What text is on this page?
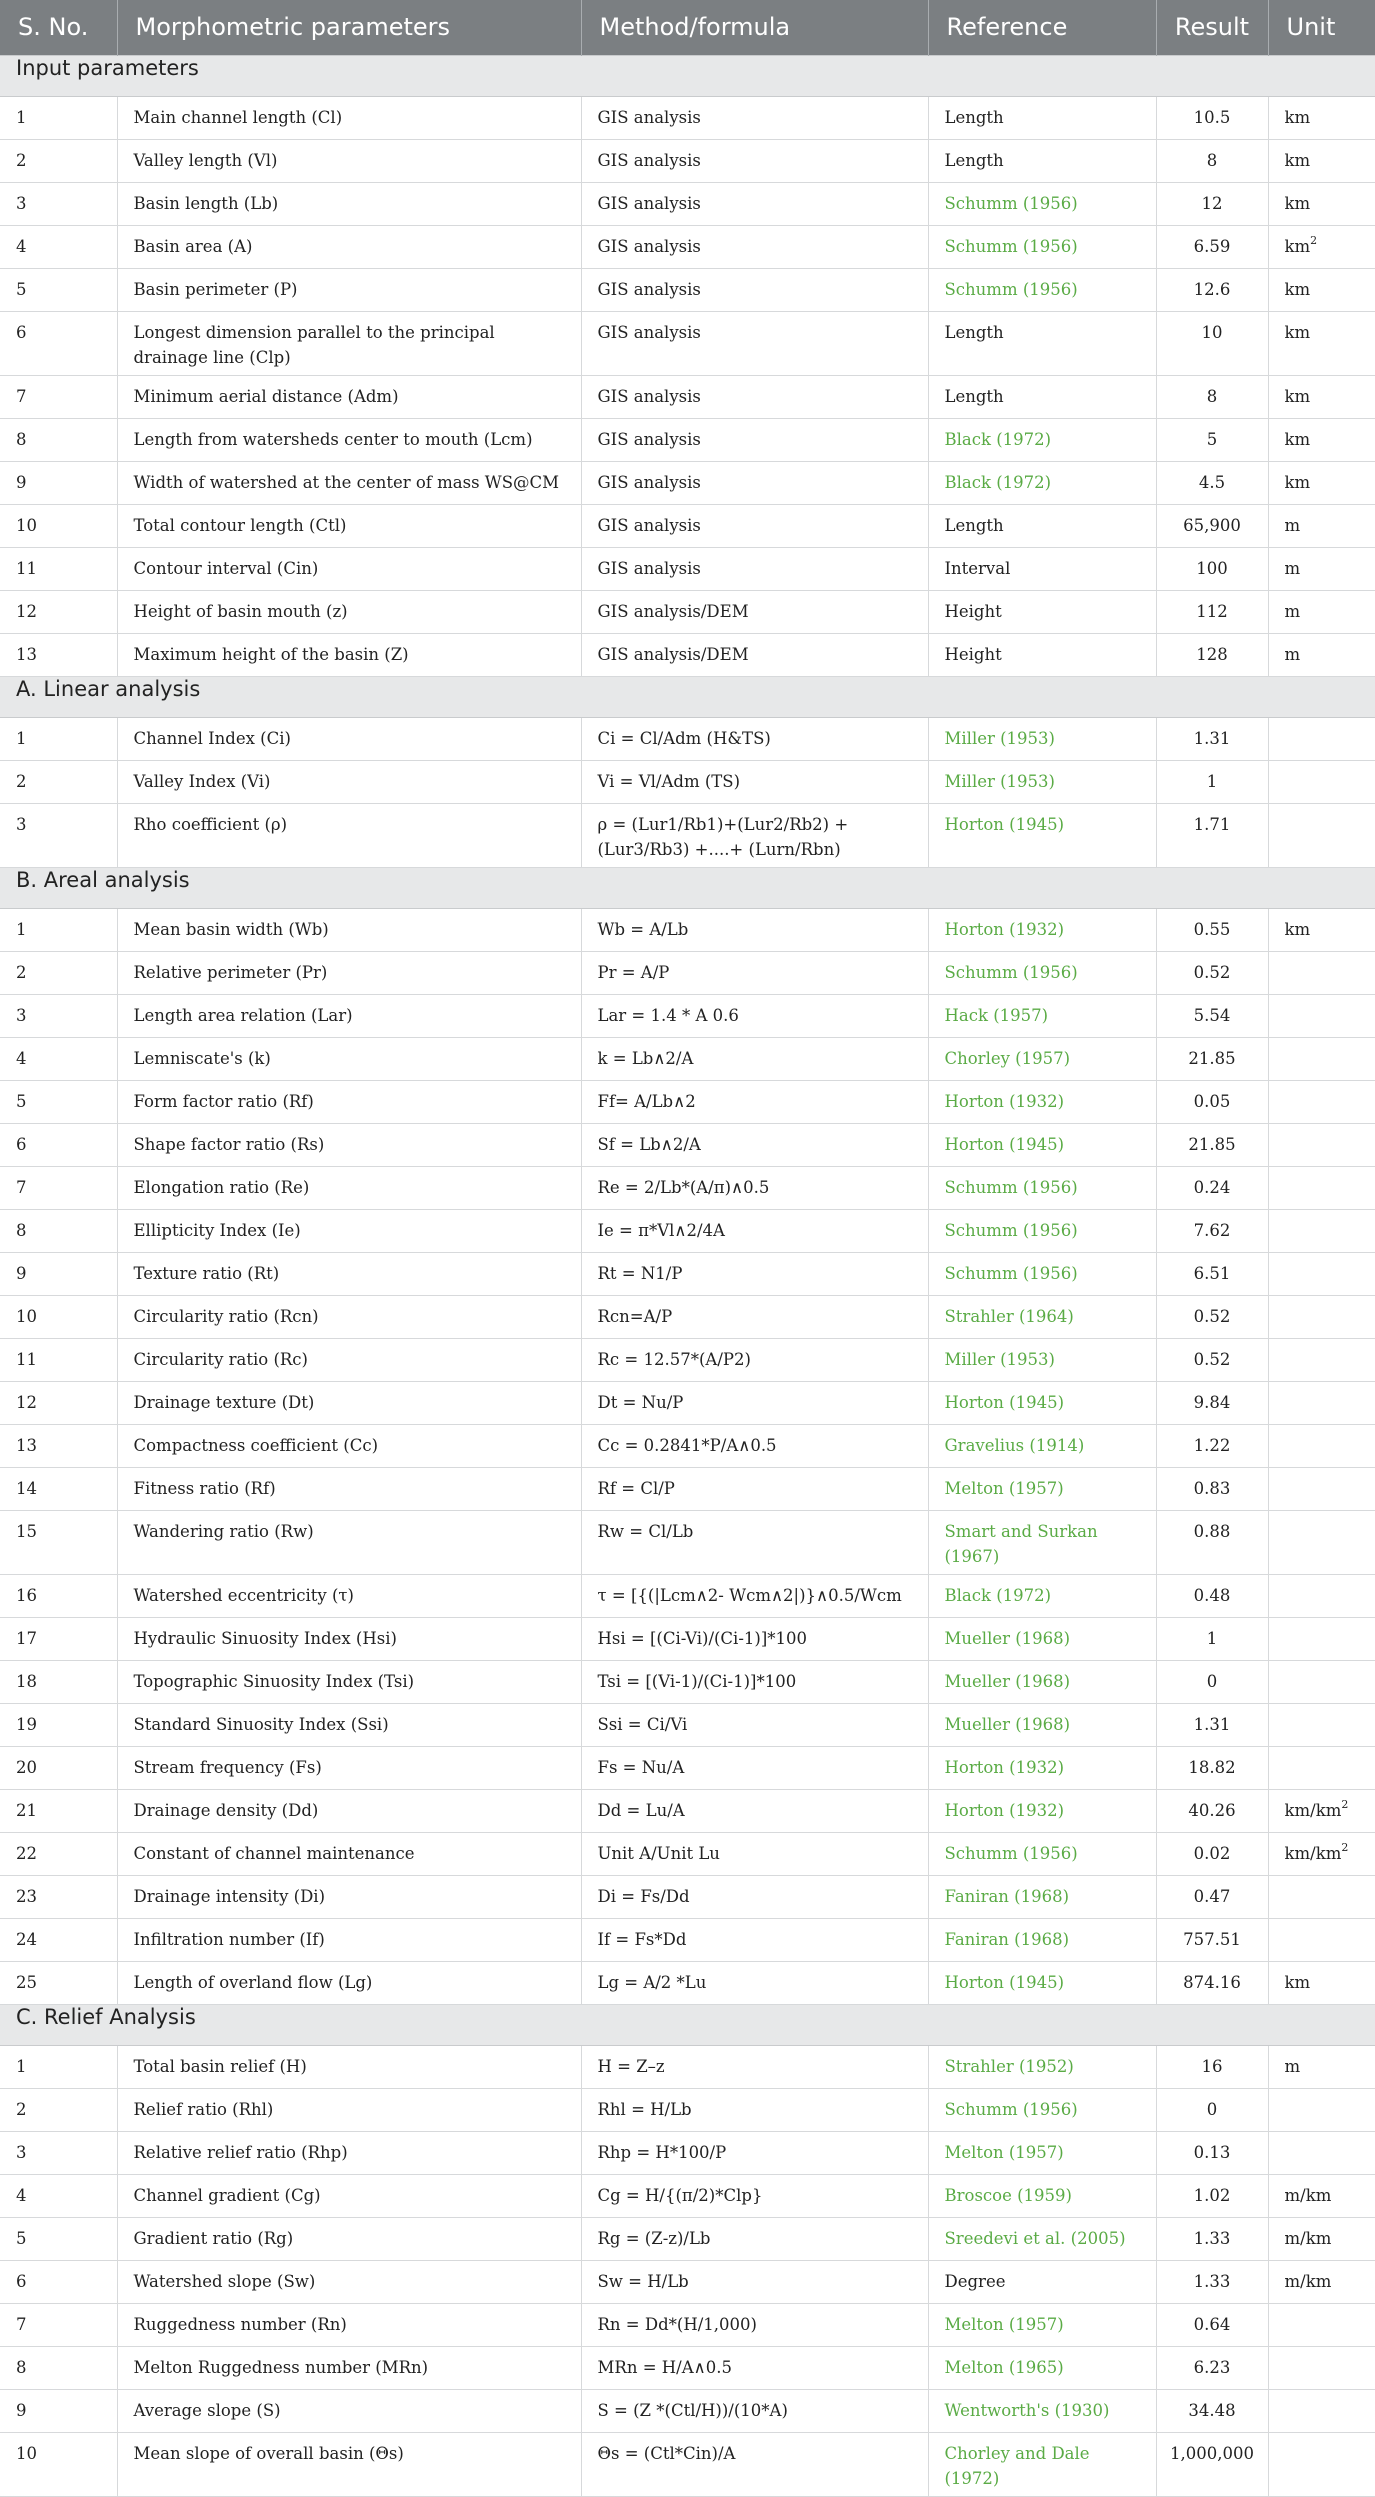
S. No.	Morphometric parameters	Method/formula	Reference	Result	Unit
Input parameters					
1	Main channel length (Cl)	GIS analysis	Length	10.5	km
2	Valley length (Vl)	GIS analysis	Length	8	km
3	Basin length (Lb)	GIS analysis	Schumm (1956)	12	km
4	Basin area (A)	GIS analysis	Schumm (1956)	6.59	$km^2$
5	Basin perimeter (P)	GIS analysis	Schumm (1956)	12.6	km
6	Longest dimension parallel to the principal drainage line (Clp)	GIS analysis	Length	10	km
7	Minimum aerial distance (Adm)	GIS analysis	Length	8	km
8	Length from watersheds center to mouth (Lcm)	GIS analysis	Black (1972)	5	km
9	Width of watershed at the center of mass WS@CM	GIS analysis	Black (1972)	4.5	km
10	Total contour length (Ctl)	GIS analysis	Length	65,900	m
11	Contour interval (Cin)	GIS analysis	Interval	100	m
12	Height of basin mouth (z)	GIS analysis/DEM	Height	112	m
13	Maximum height of the basin (Z)	GIS analysis/DEM	Height	128	m
A. Linear analysis					
1	Channel Index (Ci)	Ci = Cl/Adm (H&TS)	Miller (1953)	1.31	
2	Valley Index (Vi)	Vi = Vl/Adm (TS)	Miller (1953)	1	
3	Rho coefficient (ρ)	ρ = (Lur1/Rb1)+(Lur2/Rb2) + (Lur3/Rb3) +....+ (Lurn/Rbn)	Horton (1945)	1.71	
B. Areal analysis					
1	Mean basin width (Wb)	Wb = A/Lb	Horton (1932)	0.55	km
2	Relative perimeter (Pr)	Pr = A/P	Schumm (1956)	0.52	
3	Length area relation (Lar)	Lar = 1.4 * A 0.6	Hack (1957)	5.54	
4	Lemniscate's (k)	k = Lb∧2/A	Chorley (1957)	21.85	
5	Form factor ratio (Rf)	Ff= A/Lb∧2	Horton (1932)	0.05	
6	Shape factor ratio (Rs)	Sf = Lb∧2/A	Horton (1945)	21.85	
7	Elongation ratio (Re)	Re = 2/Lb*(A/π)∧0.5	Schumm (1956)	0.24	
8	Ellipticity Index (Ie)	Ie = π*Vl∧2/4A	Schumm (1956)	7.62	
9	Texture ratio (Rt)	Rt = N1/P	Schumm (1956)	6.51	
10	Circularity ratio (Rcn)	Rcn=A/P	Strahler (1964)	0.52	
11	Circularity ratio (Rc)	Rc = 12.57*(A/P2)	Miller (1953)	0.52	
12	Drainage texture (Dt)	Dt = Nu/P	Horton (1945)	9.84	
13	Compactness coefficient (Cc)	Cc = 0.2841*P/A∧0.5	Gravelius (1914)	1.22	
14	Fitness ratio (Rf)	Rf = Cl/P	Melton (1957)	0.83	
15	Wandering ratio (Rw)	Rw = Cl/Lb	Smart and Surkan (1967)	0.88	
16	Watershed eccentricity (τ)	τ = [{(|Lcm∧2- Wcm∧2|)}∧0.5/Wcm	Black (1972)	0.48	
17	Hydraulic Sinuosity Index (Hsi)	Hsi = [(Ci-Vi)/(Ci-1)]*100	Mueller (1968)	1	
18	Topographic Sinuosity Index (Tsi)	Tsi = [(Vi-1)/(Ci-1)]*100	Mueller (1968)	0	
19	Standard Sinuosity Index (Ssi)	Ssi = Ci/Vi	Mueller (1968)	1.31	
20	Stream frequency (Fs)	Fs = Nu/A	Horton (1932)	18.82	
21	Drainage density (Dd)	Dd = Lu/A	Horton (1932)	40.26	$km/km^2$
22	Constant of channel maintenance	Unit A/Unit Lu	Schumm (1956)	0.02	$km/km^2$
23	Drainage intensity (Di)	Di = Fs/Dd	Faniran (1968)	0.47	
24	Infiltration number (If)	If = Fs*Dd	Faniran (1968)	757.51	
25	Length of overland flow (Lg)	Lg = A/2 *Lu	Horton (1945)	874.16	km
C. Relief Analysis					
1	Total basin relief (H)	H = Z–z	Strahler (1952)	16	m
2	Relief ratio (Rhl)	Rhl = H/Lb	Schumm (1956)	0	
3	Relative relief ratio (Rhp)	Rhp = H*100/P	Melton (1957)	0.13	
4	Channel gradient (Cg)	Cg = H/{(π/2)*Clp}	Broscoe (1959)	1.02	m/km
5	Gradient ratio (Rg)	Rg = (Z-z)/Lb	Sreedevi et al. (2005)	1.33	m/km
6	Watershed slope (Sw)	Sw = H/Lb	Degree	1.33	m/km
7	Ruggedness number (Rn)	Rn = Dd*(H/1,000)	Melton (1957)	0.64	
8	Melton Ruggedness number (MRn)	MRn = H/A∧0.5	Melton (1965)	6.23	
9	Average slope (S)	S = (Z *(Ctl/H))/(10*A)	Wentworth's (1930)	34.48	
10	Mean slope of overall basin (Θs)	Θs = (Ctl*Cin)/A	Chorley and Dale (1972)	1,000,000	
